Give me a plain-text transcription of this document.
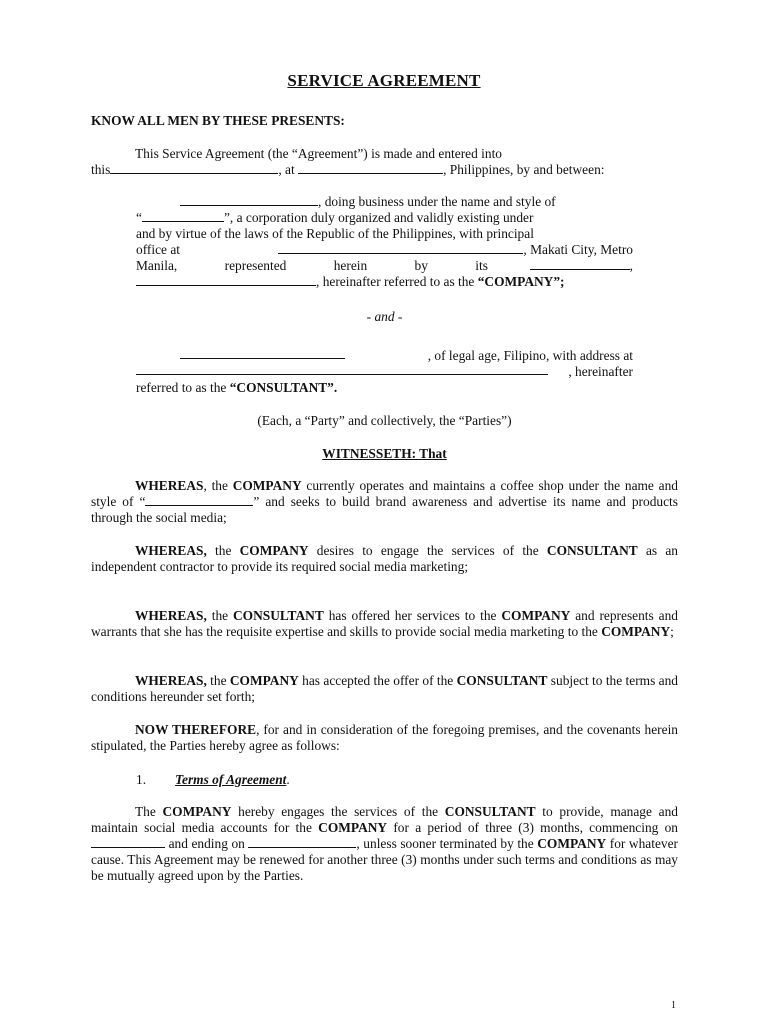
SERVICE AGREEMENT
KNOW ALL MEN BY THESE PRESENTS:
This Service Agreement (the “Agreement”) is made and entered into
this	, at	, Philippines, by and between:
, doing business under the name and style of
“	”, a corporation duly organized and validly existing under
and by virtue of the laws of the Republic of the Philippines, with principal
office at	, Makati City, Metro
Manila,	represented	herein	by	its	,
, hereinafter referred to as the “COMPANY”;
- and -
, of legal age, Filipino, with address at
, hereinafter
referred to as the “CONSULTANT”.
(Each, a “Party” and collectively, the “Parties”)
WITNESSETH: That
WHEREAS, the COMPANY currently operates and maintains a coffee shop under the name and style of “	” and seeks to build brand awareness and advertise its name and products through the social media;
WHEREAS, the COMPANY desires to engage the services of the CONSULTANT as an independent contractor to provide its required social media marketing;
WHEREAS, the CONSULTANT has offered her services to the COMPANY and represents and warrants that she has the requisite expertise and skills to provide social media marketing to the COMPANY;
WHEREAS, the COMPANY has accepted the offer of the CONSULTANT subject to the terms and conditions hereunder set forth;
NOW THEREFORE, for and in consideration of the foregoing premises, and the covenants herein stipulated, the Parties hereby agree as follows:
1. Terms of Agreement.
The COMPANY hereby engages the services of the CONSULTANT to provide, manage and maintain social media accounts for the COMPANY for a period of three (3) months, commencing on  and ending on	, unless sooner terminated by the COMPANY for whatever cause. This Agreement may be renewed for another three (3) months under such terms and conditions as may be mutually agreed upon by the Parties.
1
